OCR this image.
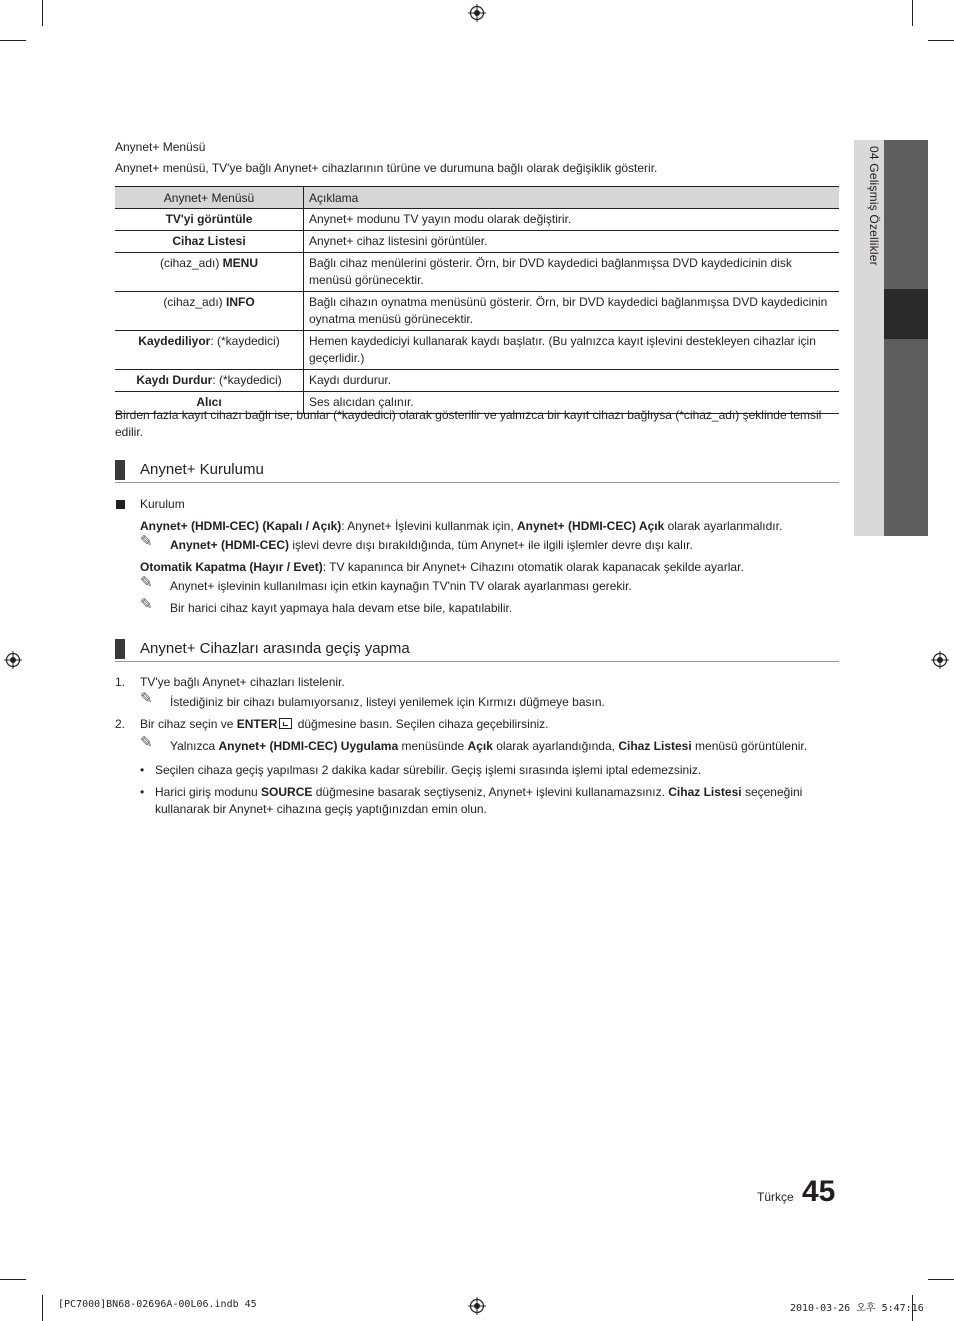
04 Gelişmiş Özellikler
Anynet+ Menüsü
Anynet+ menüsü, TV'ye bağlı Anynet+ cihazlarının türüne ve durumuna bağlı olarak değişiklik gösterir.
Anynet+ Menüsü	Açıklama
TV'yi görüntüle	Anynet+ modunu TV yayın modu olarak değiştirir.
Cihaz Listesi	Anynet+ cihaz listesini görüntüler.
(cihaz_adı) MENU	Bağlı cihaz menülerini gösterir. Örn, bir DVD kaydedici bağlanmışsa DVD kaydedicinin disk menüsü görünecektir.
(cihaz_adı) INFO	Bağlı cihazın oynatma menüsünü gösterir. Örn, bir DVD kaydedici bağlanmışsa DVD kaydedicinin oynatma menüsü görünecektir.
Kaydediliyor: (*kaydedici)	Hemen kaydediciyi kullanarak kaydı başlatır. (Bu yalnızca kayıt işlevini destekleyen cihazlar için geçerlidir.)
Kaydı Durdur: (*kaydedici)	Kaydı durdurur.
Alıcı	Ses alıcıdan çalınır.
Birden fazla kayıt cihazı bağlı ise, bunlar (*kaydedici) olarak gösterilir ve yalnızca bir kayıt cihazı bağlıysa (*cihaz_adı) şeklinde temsil edilir.
Anynet+ Kurulumu
Kurulum
Anynet+ (HDMI-CEC) (Kapalı / Açık): Anynet+ İşlevini kullanmak için, Anynet+ (HDMI-CEC) Açık olarak ayarlanmalıdır.
✎ Anynet+ (HDMI-CEC) işlevi devre dışı bırakıldığında, tüm Anynet+ ile ilgili işlemler devre dışı kalır.
Otomatik Kapatma (Hayır / Evet): TV kapanınca bir Anynet+ Cihazını otomatik olarak kapanacak şekilde ayarlar.
✎ Anynet+ işlevinin kullanılması için etkin kaynağın TV'nin TV olarak ayarlanması gerekir.
✎ Bir harici cihaz kayıt yapmaya hala devam etse bile, kapatılabilir.
Anynet+ Cihazları arasında geçiş yapma
1. TV'ye bağlı Anynet+ cihazları listelenir.
✎ İstediğiniz bir cihazı bulamıyorsanız, listeyi yenilemek için Kırmızı düğmeye basın.
2. Bir cihaz seçin ve ENTER düğmesine basın. Seçilen cihaza geçebilirsiniz.
✎ Yalnızca Anynet+ (HDMI-CEC) Uygulama menüsünde Açık olarak ayarlandığında, Cihaz Listesi menüsü görüntülenir.
• Seçilen cihaza geçiş yapılması 2 dakika kadar sürebilir. Geçiş işlemi sırasında işlemi iptal edemezsiniz.
• Harici giriş modunu SOURCE düğmesine basarak seçtiyseniz, Anynet+ işlevini kullanamazsınız. Cihaz Listesi seçeneğini kullanarak bir Anynet+ cihazına geçiş yaptığınızdan emin olun.
Türkçe 45
[PC7000]BN68-02696A-00L06.indb 45	2010-03-26 오후 5:47:16
